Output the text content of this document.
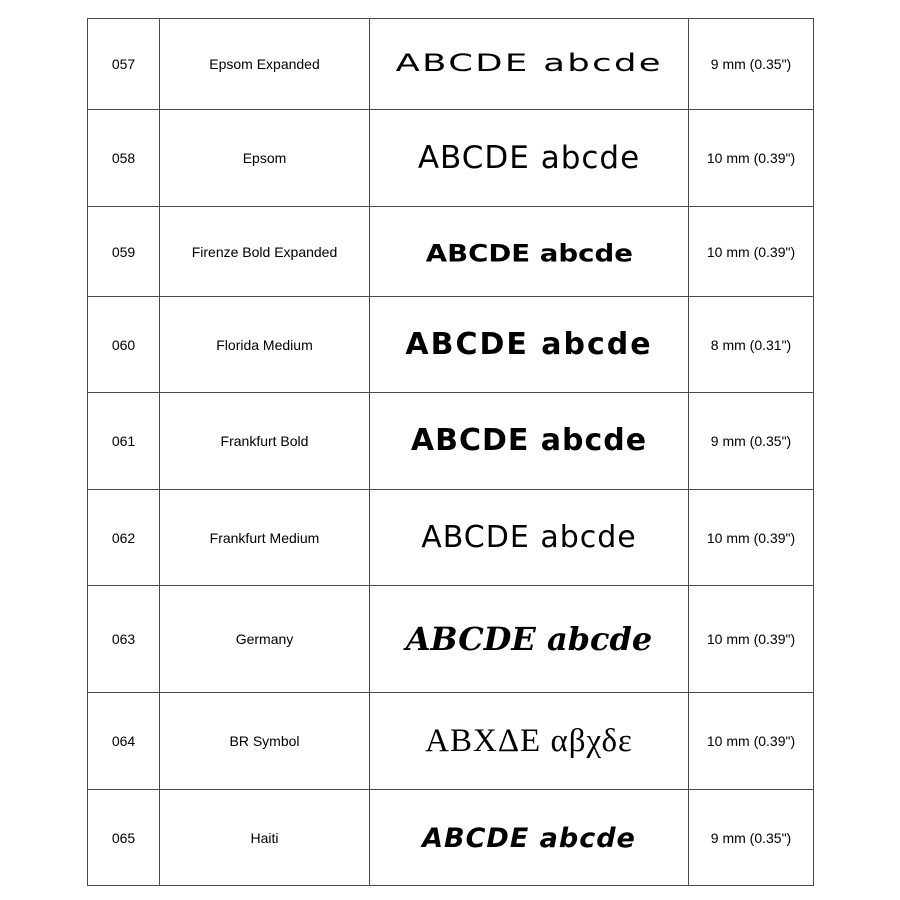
057	Epsom Expanded	ABCDE abcde	9 mm (0.35")
058	Epsom	ABCDE abcde	10 mm (0.39")
059	Firenze Bold Expanded	ABCDE abcde	10 mm (0.39")
060	Florida Medium	ABCDE abcde	8 mm (0.31")
061	Frankfurt Bold	ABCDE abcde	9 mm (0.35")
062	Frankfurt Medium	ABCDE abcde	10 mm (0.39")
063	Germany	ABCDE abcde	10 mm (0.39")
064	BR Symbol	ΑΒΧΔΕ αβχδε	10 mm (0.39")
065	Haiti	ABCDE abcde	9 mm (0.35")
